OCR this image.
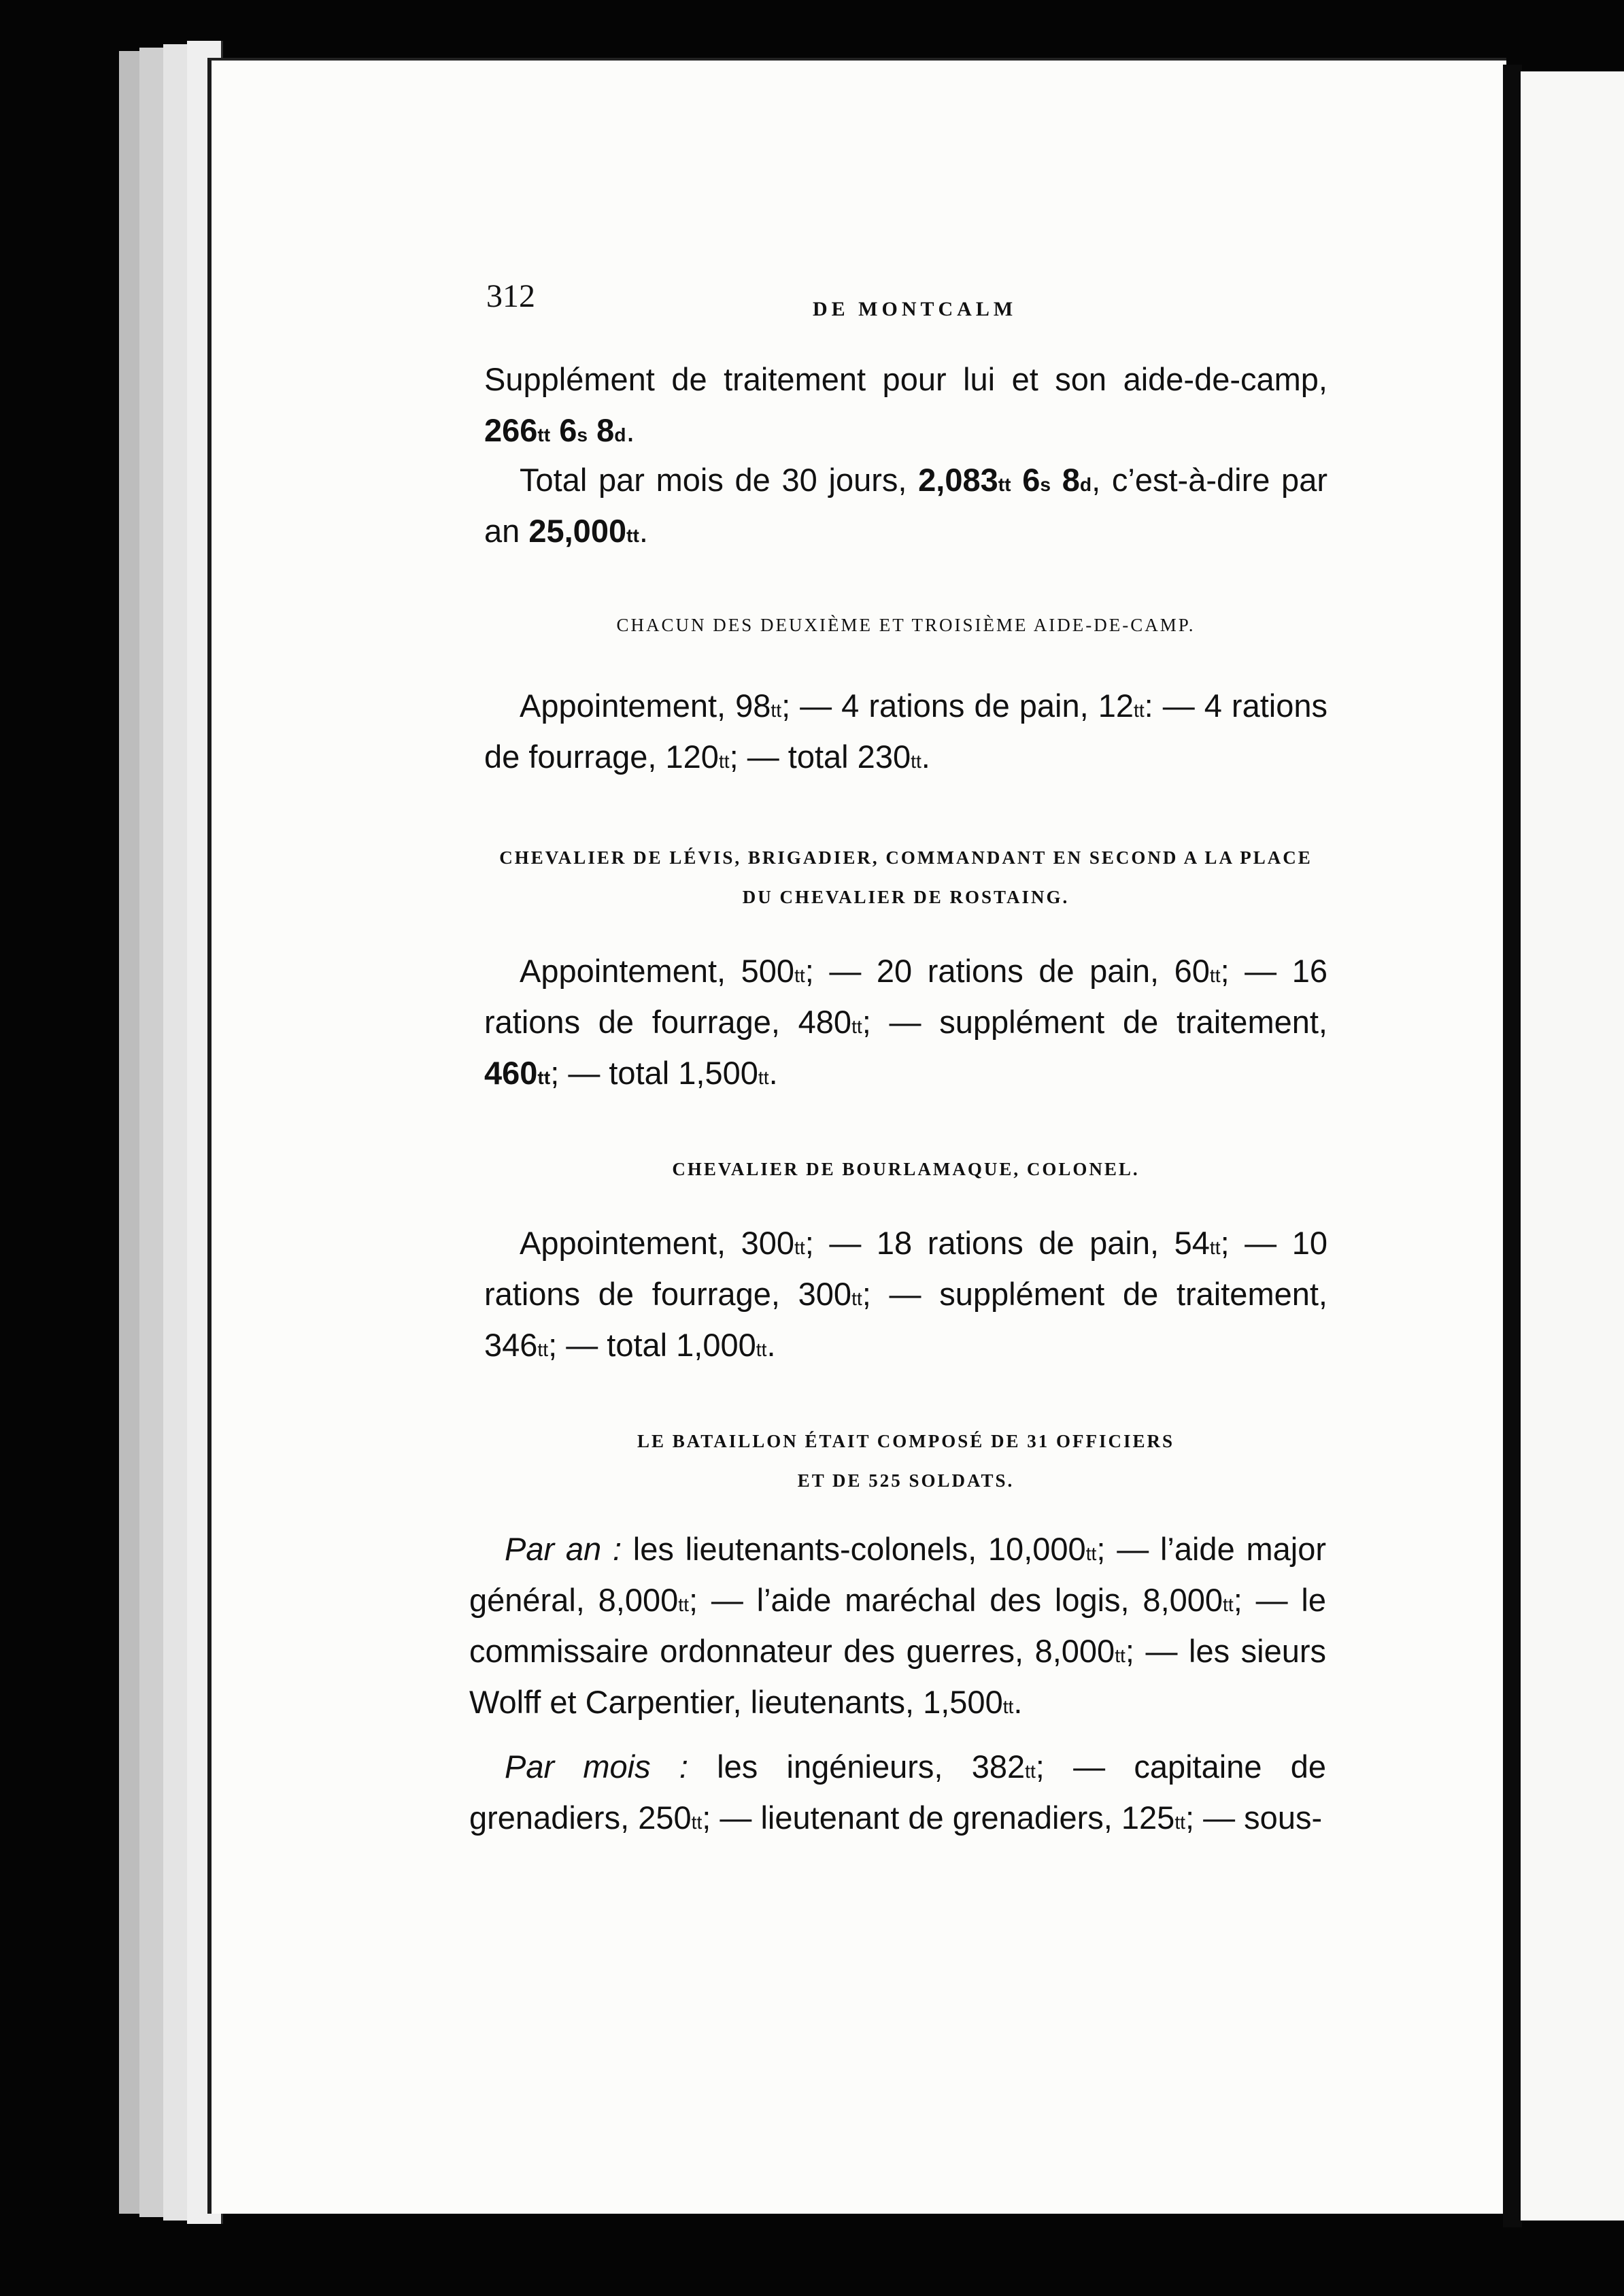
312	DE MONTCALM

Supplément de traitement pour lui et son aide-de-camp, $266^{tt}$ 6$^s$ 8$^d$.

Total par mois de 30 jours, $2,083^{tt}$ 6$^s$ 8$^d$, c’est-à-dire par an $25,000^{tt}$.

CHACUN DES DEUXIÈME ET TROISIÈME AIDE-DE-CAMP.

Appointement, $98^{tt}$; — 4 rations de pain, $12^{tt}$: — 4 rations de fourrage, $120^{tt}$; — total $230^{tt}$.

CHEVALIER DE LÉVIS, BRIGADIER, COMMANDANT EN SECOND A LA PLACE
DU CHEVALIER DE ROSTAING.

Appointement, $500^{tt}$; — 20 rations de pain, $60^{tt}$; — 16 rations de fourrage, $480^{tt}$; — supplément de traitement, $460^{tt}$; — total $1,500^{tt}$.

CHEVALIER DE BOURLAMAQUE, COLONEL.

Appointement, $300^{tt}$; — 18 rations de pain, $54^{tt}$; — 10 rations de fourrage, $300^{tt}$; — supplément de traitement, $346^{tt}$; — total $1,000^{tt}$.

LE BATAILLON ÉTAIT COMPOSÉ DE 31 OFFICIERS
ET DE 525 SOLDATS.

Par an : les lieutenants-colonels, $10,000^{tt}$; — l’aide major général, $8,000^{tt}$; — l’aide maréchal des logis, $8,000^{tt}$; — le commissaire ordonnateur des guerres, $8,000^{tt}$; — les sieurs Wolff et Carpentier, lieutenants, $1,500^{tt}$.

Par mois : les ingénieurs, $382^{tt}$; — capitaine de grenadiers, $250^{tt}$; — lieutenant de grenadiers, $125^{tt}$; — sous-
